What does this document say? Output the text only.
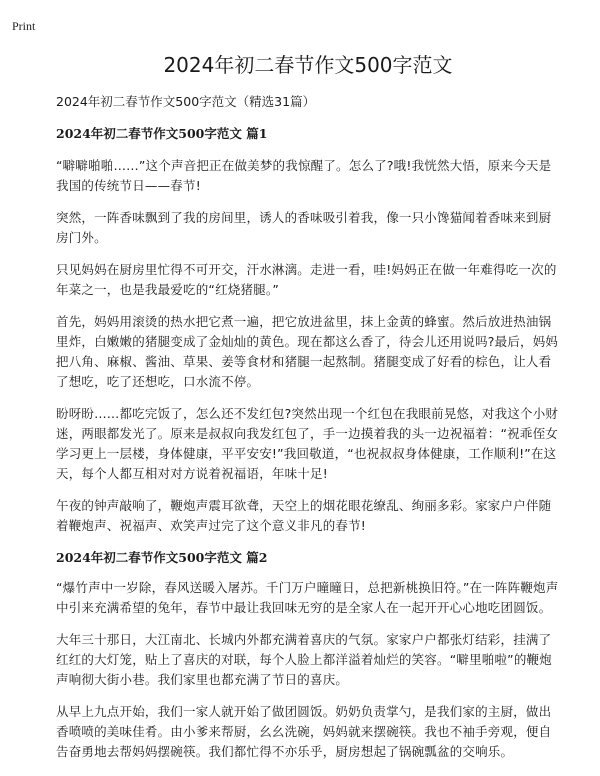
Print
2024年初二春节作文500字范文
2024年初二春节作文500字范文（精选31篇）
2024年初二春节作文500字范文 篇1

“噼噼啪啪……”这个声音把正在做美梦的我惊醒了。怎么了?哦!我恍然大悟，原来今天是我国的传统节日——春节!

突然，一阵香味飘到了我的房间里，诱人的香味吸引着我，像一只小馋猫闻着香味来到厨房门外。

只见妈妈在厨房里忙得不可开交，汗水淋漓。走进一看，哇!妈妈正在做一年难得吃一次的年菜之一，也是我最爱吃的“红烧猪腿。”

首先，妈妈用滚烫的热水把它煮一遍，把它放进盆里，抹上金黄的蜂蜜。然后放进热油锅里炸，白嫩嫩的猪腿变成了金灿灿的黄色。现在都这么香了，待会儿还用说吗?最后，妈妈把八角、麻椒、酱油、草果、姜等食材和猪腿一起熬制。猪腿变成了好看的棕色，让人看了想吃，吃了还想吃，口水流不停。

盼呀盼……都吃完饭了，怎么还不发红包?突然出现一个红包在我眼前晃悠，对我这个小财迷，两眼都发光了。原来是叔叔向我发红包了，手一边摸着我的头一边祝福着：“祝乖侄女学习更上一层楼，身体健康，平平安安!”我回敬道，“也祝叔叔身体健康，工作顺利!”在这天，每个人都互相对对方说着祝福语，年味十足!

午夜的钟声敲响了，鞭炮声震耳欲聋，天空上的烟花眼花缭乱、绚丽多彩。家家户户伴随着鞭炮声、祝福声、欢笑声过完了这个意义非凡的春节!

2024年初二春节作文500字范文 篇2

“爆竹声中一岁除，春风送暖入屠苏。千门万户曈曈日，总把新桃换旧符。”在一阵阵鞭炮声中引来充满希望的兔年，春节中最让我回味无穷的是全家人在一起开开心心地吃团圆饭。

大年三十那日，大江南北、长城内外都充满着喜庆的气氛。家家户户都张灯结彩，挂满了红红的大灯笼，贴上了喜庆的对联，每个人脸上都洋溢着灿烂的笑容。“噼里啪啦”的鞭炮声响彻大街小巷。我们家里也都充满了节日的喜庆。

从早上九点开始，我们一家人就开始了做团圆饭。奶奶负责掌勺，是我们家的主厨，做出香喷喷的美味佳肴。由小爹来帮厨，幺幺洗碗，妈妈就来摆碗筷。我也不袖手旁观，便自告奋勇地去帮妈妈摆碗筷。我们都忙得不亦乐乎，厨房想起了锅碗瓢盆的交响乐。
